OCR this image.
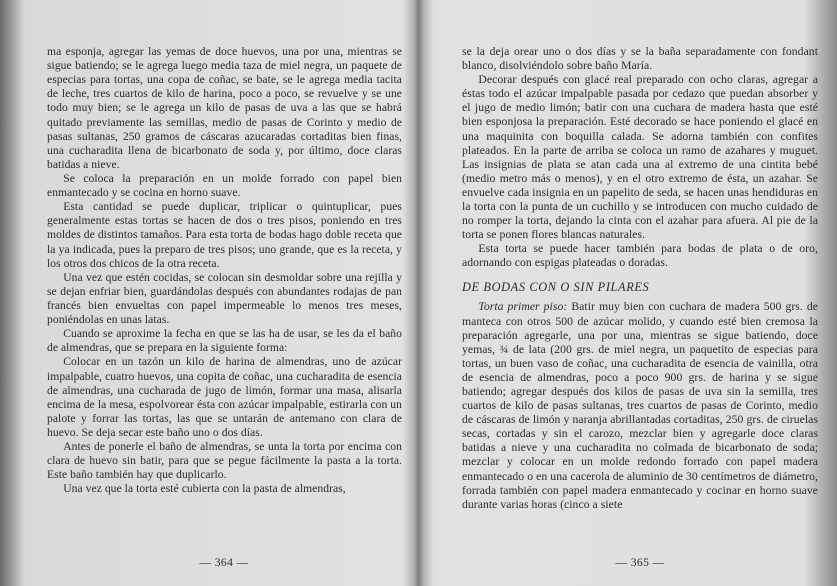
ma esponja, agregar las yemas de doce huevos, una por una, mientras se sigue batiendo; se le agrega luego media taza de miel negra, un paquete de especias para tortas, una copa de coñac, se bate, se le agrega media tacita de leche, tres cuartos de kilo de harina, poco a poco, se revuelve y se une todo muy bien; se le agrega un kilo de pasas de uva a las que se habrá quitado previamente las semillas, medio de pasas de Corinto y medio de pasas sultanas, 250 gramos de cáscaras azucaradas cortaditas bien finas, una cucharadita llena de bicarbonato de soda y, por último, doce claras batidas a nieve.

Se coloca la preparación en un molde forrado con papel bien enmantecado y se cocina en horno suave.

Esta cantidad se puede duplicar, triplicar o quintuplicar, pues generalmente estas tortas se hacen de dos o tres pisos, poniendo en tres moldes de distintos tamaños. Para esta torta de bodas hago doble receta que la ya indicada, pues la preparo de tres pisos; uno grande, que es la receta, y los otros dos chicos de la otra receta.

Una vez que estén cocidas, se colocan sin desmoldar sobre una rejilla y se dejan enfriar bien, guardándolas después con abundantes rodajas de pan francés bien envueltas con papel impermeable lo menos tres meses, poniéndolas en unas latas.

Cuando se aproxime la fecha en que se las ha de usar, se les da el baño de almendras, que se prepara en la siguiente forma:

Colocar en un tazón un kilo de harina de almendras, uno de azúcar impalpable, cuatro huevos, una copita de coñac, una cucharadita de esencia de almendras, una cucharada de jugo de limón, formar una masa, alisarla encima de la mesa, espolvorear ésta con azúcar impalpable, estirarla con un palote y forrar las tortas, las que se untarán de antemano con clara de huevo. Se deja secar este baño uno o dos días.

Antes de ponerle el baño de almendras, se unta la torta por encima con clara de huevo sin batir, para que se pegue fácilmente la pasta a la torta. Este baño también hay que duplicarlo.

Una vez que la torta esté cubierta con la pasta de almendras,

— 364 —

se la deja orear uno o dos días y se la baña separadamente con fondant blanco, disolviéndolo sobre baño María.

Decorar después con glacé real preparado con ocho claras, agregar a éstas todo el azúcar impalpable pasada por cedazo que puedan absorber y el jugo de medio limón; batir con una cuchara de madera hasta que esté bien esponjosa la preparación. Esté decorado se hace poniendo el glacé en una maquinita con boquilla calada. Se adorna también con confites plateados. En la parte de arriba se coloca un ramo de azahares y muguet. Las insignias de plata se atan cada una al extremo de una cintita bebé (medio metro más o menos), y en el otro extremo de ésta, un azahar. Se envuelve cada insignia en un papelito de seda, se hacen unas hendiduras en la torta con la punta de un cuchillo y se introducen con mucho cuidado de no romper la torta, dejando la cinta con el azahar para afuera. Al pie de la torta se ponen flores blancas naturales.

Esta torta se puede hacer también para bodas de plata o de oro, adornando con espigas plateadas o doradas.

DE BODAS CON O SIN PILARES

Torta primer piso: Batir muy bien con cuchara de madera 500 grs. de manteca con otros 500 de azúcar molido, y cuando esté bien cremosa la preparación agregarle, una por una, mientras se sigue batiendo, doce yemas, ¾ de lata (200 grs. de miel negra, un paquetito de especias para tortas, un buen vaso de coñac, una cucharadita de esencia de vainilla, otra de esencia de almendras, poco a poco 900 grs. de harina y se sigue batiendo; agregar después dos kilos de pasas de uva sin la semilla, tres cuartos de kilo de pasas sultanas, tres cuartos de pasas de Corinto, medio de cáscaras de limón y naranja abrillantadas cortaditas, 250 grs. de ciruelas secas, cortadas y sin el carozo, mezclar bien y agregarle doce claras batidas a nieve y una cucharadita no colmada de bicarbonato de soda; mezclar y colocar en un molde redondo forrado con papel madera enmantecado o en una cacerola de aluminio de 30 centímetros de diámetro, forrada también con papel madera enmantecado y cocinar en horno suave durante varias horas (cinco a siete

— 365 —
